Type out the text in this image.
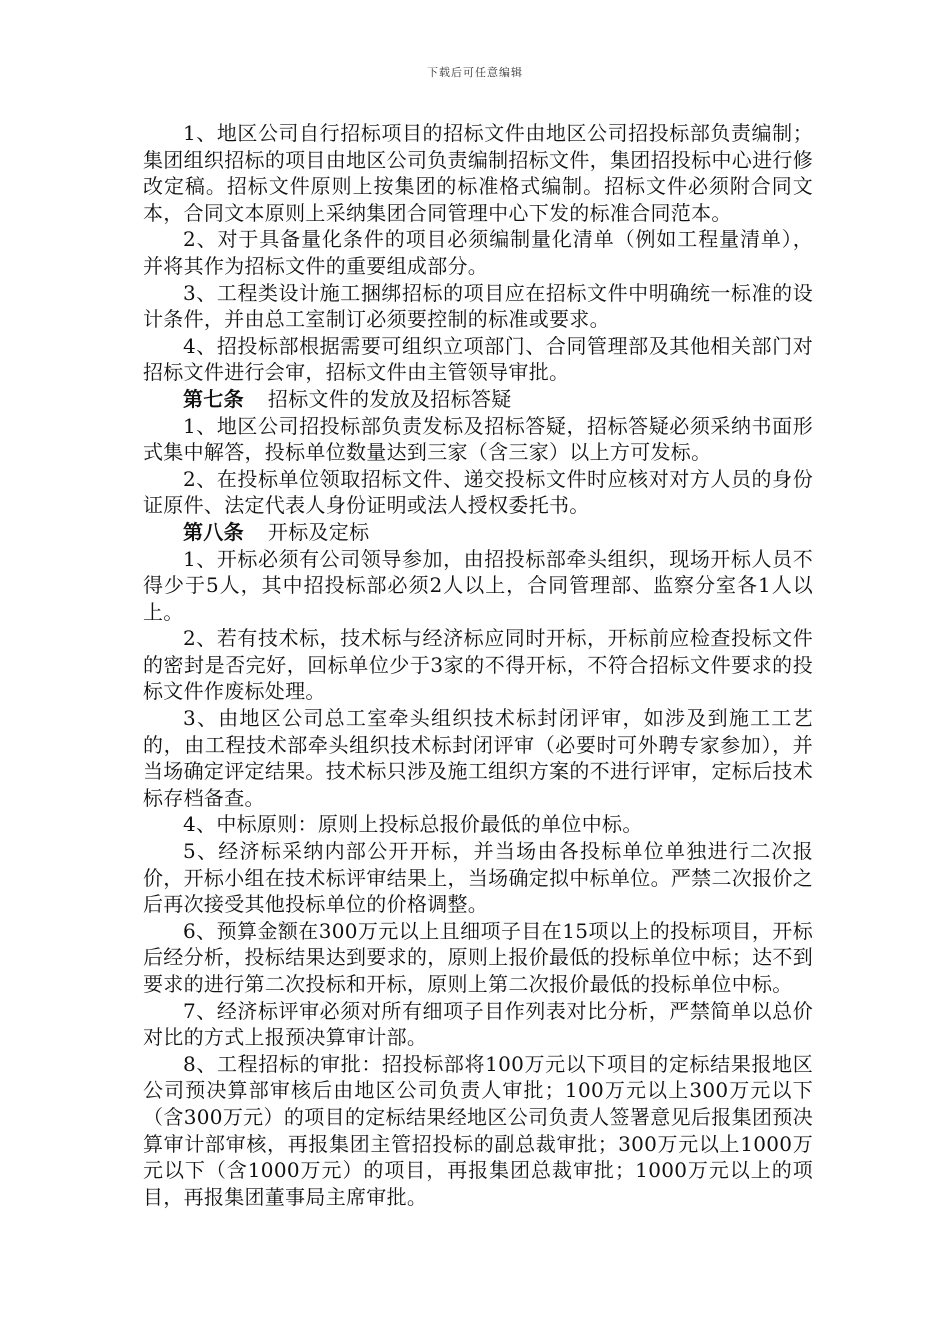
下载后可任意编辑

1、地区公司自行招标项目的招标文件由地区公司招投标部负责编制；集团组织招标的项目由地区公司负责编制招标文件，集团招投标中心进行修改定稿。招标文件原则上按集团的标准格式编制。招标文件必须附合同文本，合同文本原则上采纳集团合同管理中心下发的标准合同范本。

2、对于具备量化条件的项目必须编制量化清单（例如工程量清单），并将其作为招标文件的重要组成部分。

3、工程类设计施工捆绑招标的项目应在招标文件中明确统一标准的设计条件，并由总工室制订必须要控制的标准或要求。

4、招投标部根据需要可组织立项部门、合同管理部及其他相关部门对招标文件进行会审，招标文件由主管领导审批。

第七条 招标文件的发放及招标答疑

1、地区公司招投标部负责发标及招标答疑，招标答疑必须采纳书面形式集中解答，投标单位数量达到三家（含三家）以上方可发标。

2、在投标单位领取招标文件、递交投标文件时应核对对方人员的身份证原件、法定代表人身份证明或法人授权委托书。

第八条 开标及定标

1、开标必须有公司领导参加，由招投标部牵头组织，现场开标人员不得少于5人，其中招投标部必须2人以上，合同管理部、监察分室各1人以上。

2、若有技术标，技术标与经济标应同时开标，开标前应检查投标文件的密封是否完好，回标单位少于3家的不得开标，不符合招标文件要求的投标文件作废标处理。

3、由地区公司总工室牵头组织技术标封闭评审，如涉及到施工工艺的，由工程技术部牵头组织技术标封闭评审（必要时可外聘专家参加），并当场确定评定结果。技术标只涉及施工组织方案的不进行评审，定标后技术标存档备查。

4、中标原则：原则上投标总报价最低的单位中标。

5、经济标采纳内部公开开标，并当场由各投标单位单独进行二次报价，开标小组在技术标评审结果上，当场确定拟中标单位。严禁二次报价之后再次接受其他投标单位的价格调整。

6、预算金额在300万元以上且细项子目在15项以上的投标项目，开标后经分析，投标结果达到要求的，原则上报价最低的投标单位中标；达不到要求的进行第二次投标和开标，原则上第二次报价最低的投标单位中标。

7、经济标评审必须对所有细项子目作列表对比分析，严禁简单以总价对比的方式上报预决算审计部。

8、工程招标的审批：招投标部将100万元以下项目的定标结果报地区公司预决算部审核后由地区公司负责人审批；100万元以上300万元以下（含300万元）的项目的定标结果经地区公司负责人签署意见后报集团预决算审计部审核，再报集团主管招投标的副总裁审批；300万元以上1000万元以下（含1000万元）的项目，再报集团总裁审批；1000万元以上的项目，再报集团董事局主席审批。
